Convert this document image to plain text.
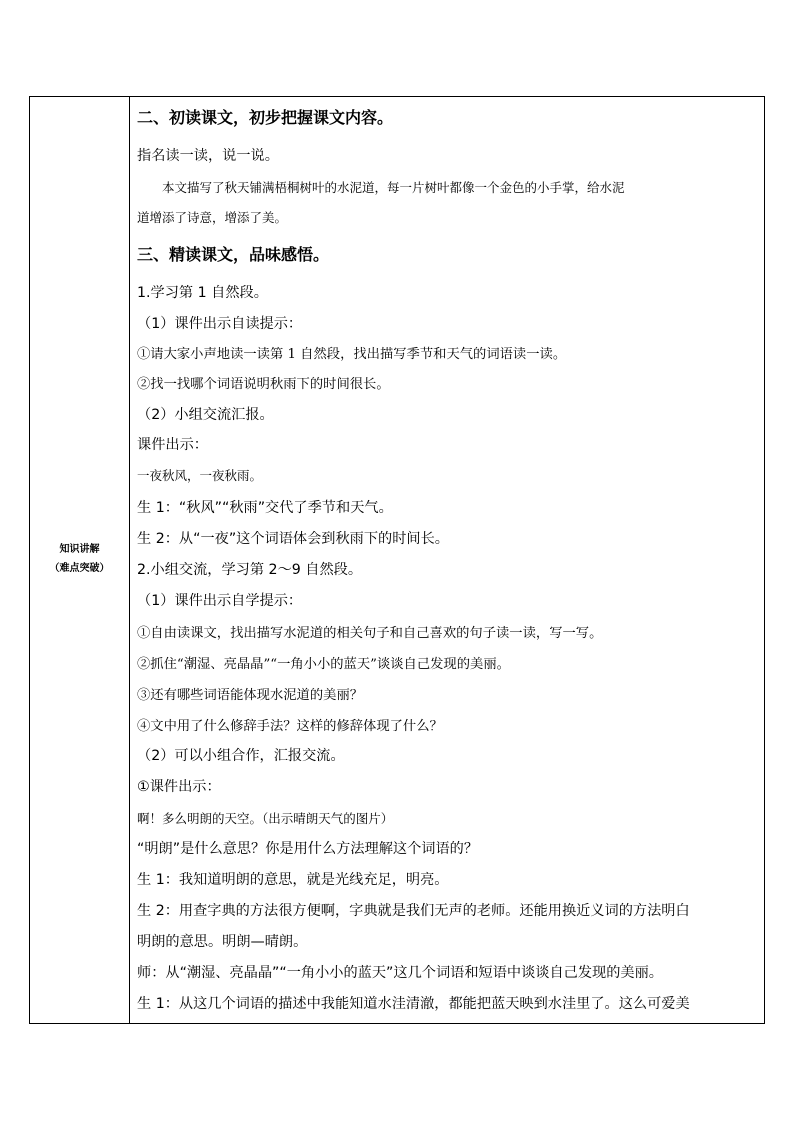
知识讲解
（难点突破）
二、初读课文，初步把握课文内容。
指名读一读，说一说。
　　本文描写了秋天铺满梧桐树叶的水泥道，每一片树叶都像一个金色的小手掌，给水泥
道增添了诗意，增添了美。
三、精读课文，品味感悟。
1.学习第 1 自然段。
（1）课件出示自读提示：
①请大家小声地读一读第 1 自然段，找出描写季节和天气的词语读一读。
②找一找哪个词语说明秋雨下的时间很长。
（2）小组交流汇报。
课件出示：
一夜秋风，一夜秋雨。
生 1：“秋风”“秋雨”交代了季节和天气。
生 2：从“一夜”这个词语体会到秋雨下的时间长。
2.小组交流，学习第 2～9 自然段。
（1）课件出示自学提示：
①自由读课文，找出描写水泥道的相关句子和自己喜欢的句子读一读，写一写。
②抓住“潮湿、亮晶晶”“一角小小的蓝天”谈谈自己发现的美丽。
③还有哪些词语能体现水泥道的美丽？
④文中用了什么修辞手法？这样的修辞体现了什么？
（2）可以小组合作，汇报交流。
①课件出示：
啊！多么明朗的天空。（出示晴朗天气的图片）
“明朗”是什么意思？你是用什么方法理解这个词语的？
生 1：我知道明朗的意思，就是光线充足，明亮。
生 2：用查字典的方法很方便啊，字典就是我们无声的老师。还能用换近义词的方法明白
明朗的意思。明朗—晴朗。
师：从“潮湿、亮晶晶”“一角小小的蓝天”这几个词语和短语中谈谈自己发现的美丽。
生 1：从这几个词语的描述中我能知道水洼清澈，都能把蓝天映到水洼里了。这么可爱美
